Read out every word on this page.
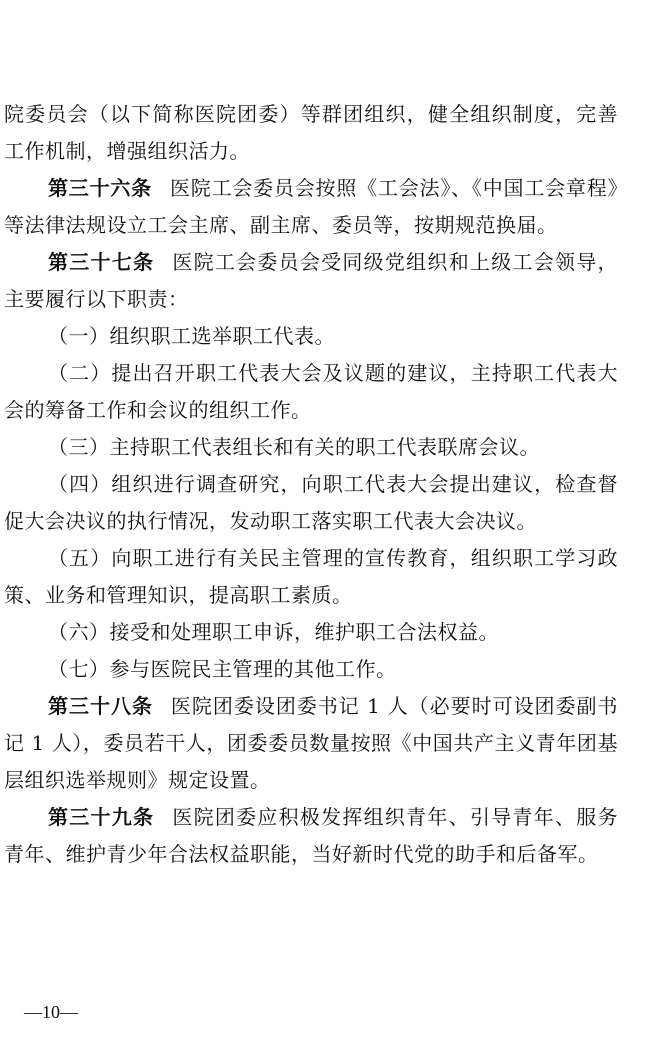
院委员会（以下简称医院团委）等群团组织，健全组织制度，完善工作机制，增强组织活力。

第三十六条 医院工会委员会按照《工会法》、《中国工会章程》等法律法规设立工会主席、副主席、委员等，按期规范换届。

第三十七条 医院工会委员会受同级党组织和上级工会领导，主要履行以下职责：

（一）组织职工选举职工代表。

（二）提出召开职工代表大会及议题的建议，主持职工代表大会的筹备工作和会议的组织工作。

（三）主持职工代表组长和有关的职工代表联席会议。

（四）组织进行调查研究，向职工代表大会提出建议，检查督促大会决议的执行情况，发动职工落实职工代表大会决议。

（五）向职工进行有关民主管理的宣传教育，组织职工学习政策、业务和管理知识，提高职工素质。

（六）接受和处理职工申诉，维护职工合法权益。

（七）参与医院民主管理的其他工作。

第三十八条 医院团委设团委书记 1 人（必要时可设团委副书记 1 人），委员若干人，团委委员数量按照《中国共产主义青年团基层组织选举规则》规定设置。

第三十九条 医院团委应积极发挥组织青年、引导青年、服务青年、维护青少年合法权益职能，当好新时代党的助手和后备军。

—10—
